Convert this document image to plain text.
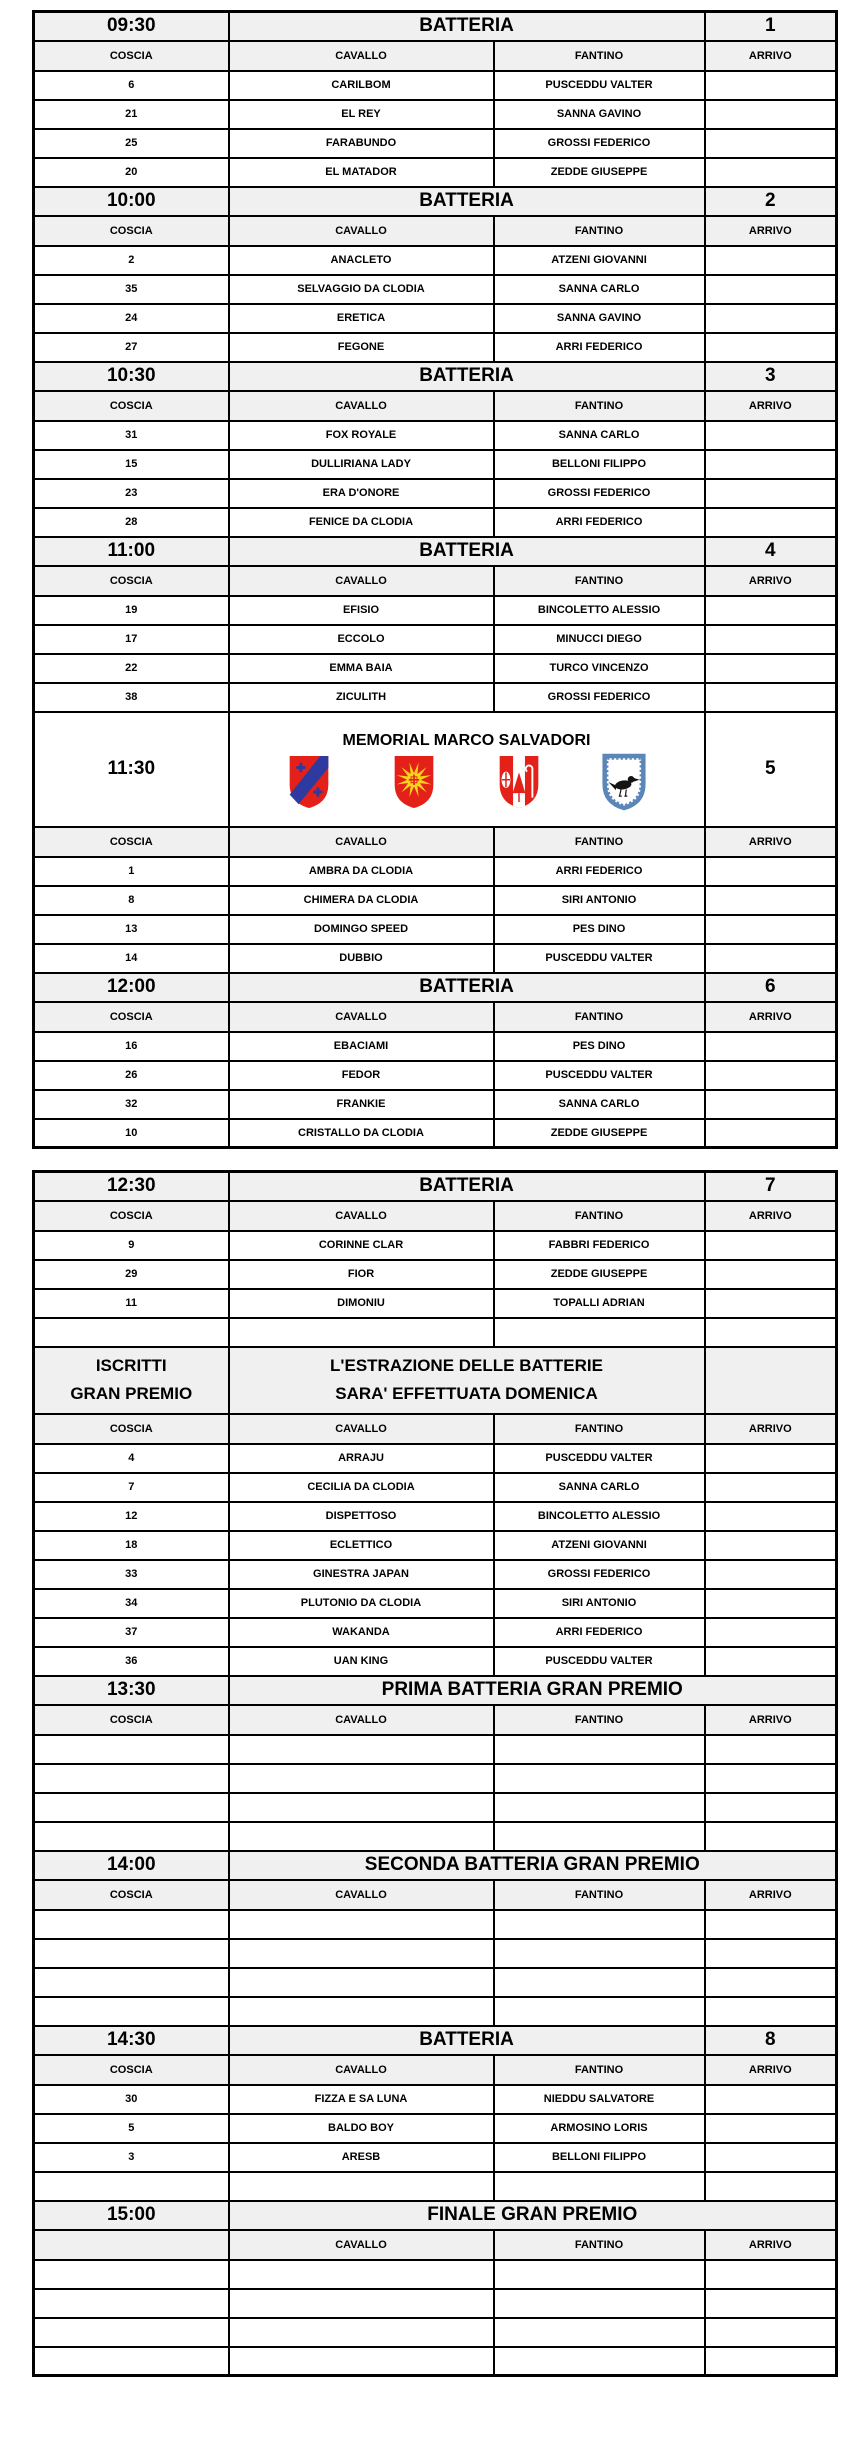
09:30	BATTERIA		1
COSCIA	CAVALLO	FANTINO	ARRIVO
6	CARILBOM	PUSCEDDU VALTER	
21	EL REY	SANNA GAVINO	
25	FARABUNDO	GROSSI FEDERICO	
20	EL MATADOR	ZEDDE GIUSEPPE	
10:00	BATTERIA		2
COSCIA	CAVALLO	FANTINO	ARRIVO
2	ANACLETO	ATZENI GIOVANNI	
35	SELVAGGIO DA CLODIA	SANNA CARLO	
24	ERETICA	SANNA GAVINO	
27	FEGONE	ARRI FEDERICO	
10:30	BATTERIA		3
COSCIA	CAVALLO	FANTINO	ARRIVO
31	FOX ROYALE	SANNA CARLO	
15	DULLIRIANA LADY	BELLONI FILIPPO	
23	ERA D'ONORE	GROSSI FEDERICO	
28	FENICE DA CLODIA	ARRI FEDERICO	
11:00	BATTERIA		4
COSCIA	CAVALLO	FANTINO	ARRIVO
19	EFISIO	BINCOLETTO ALESSIO	
17	ECCOLO	MINUCCI DIEGO	
22	EMMA BAIA	TURCO VINCENZO	
38	ZICULITH	GROSSI FEDERICO	
11:30	MEMORIAL MARCO SALVADORI		5
COSCIA	CAVALLO	FANTINO	ARRIVO
1	AMBRA DA CLODIA	ARRI FEDERICO	
8	CHIMERA DA CLODIA	SIRI ANTONIO	
13	DOMINGO SPEED	PES DINO	
14	DUBBIO	PUSCEDDU VALTER	
12:00	BATTERIA		6
COSCIA	CAVALLO	FANTINO	ARRIVO
16	EBACIAMI	PES DINO	
26	FEDOR	PUSCEDDU VALTER	
32	FRANKIE	SANNA CARLO	
10	CRISTALLO DA CLODIA	ZEDDE GIUSEPPE	
12:30	BATTERIA		7
COSCIA	CAVALLO	FANTINO	ARRIVO
9	CORINNE CLAR	FABBRI FEDERICO	
29	FIOR	ZEDDE GIUSEPPE	
11	DIMONIU	TOPALLI ADRIAN	

ISCRITTI
GRAN PREMIO

L'ESTRAZIONE DELLE BATTERIE
SARA' EFFETTUATA DOMENICA

COSCIA	CAVALLO	FANTINO	ARRIVO
4	ARRAJU	PUSCEDDU VALTER	
7	CECILIA DA CLODIA	SANNA CARLO	
12	DISPETTOSO	BINCOLETTO ALESSIO	
18	ECLETTICO	ATZENI GIOVANNI	
33	GINESTRA JAPAN	GROSSI FEDERICO	
34	PLUTONIO DA CLODIA	SIRI ANTONIO	
37	WAKANDA	ARRI FEDERICO	
36	UAN KING	PUSCEDDU VALTER	
13:30	PRIMA BATTERIA GRAN PREMIO		
COSCIA	CAVALLO	FANTINO	ARRIVO

14:00	SECONDA BATTERIA GRAN PREMIO		
COSCIA	CAVALLO	FANTINO	ARRIVO

14:30	BATTERIA		8
COSCIA	CAVALLO	FANTINO	ARRIVO
30	FIZZA E SA LUNA	NIEDDU SALVATORE	
5	BALDO BOY	ARMOSINO LORIS	
3	ARESB	BELLONI FILIPPO	

15:00	FINALE GRAN PREMIO		
	CAVALLO	FANTINO	ARRIVO
